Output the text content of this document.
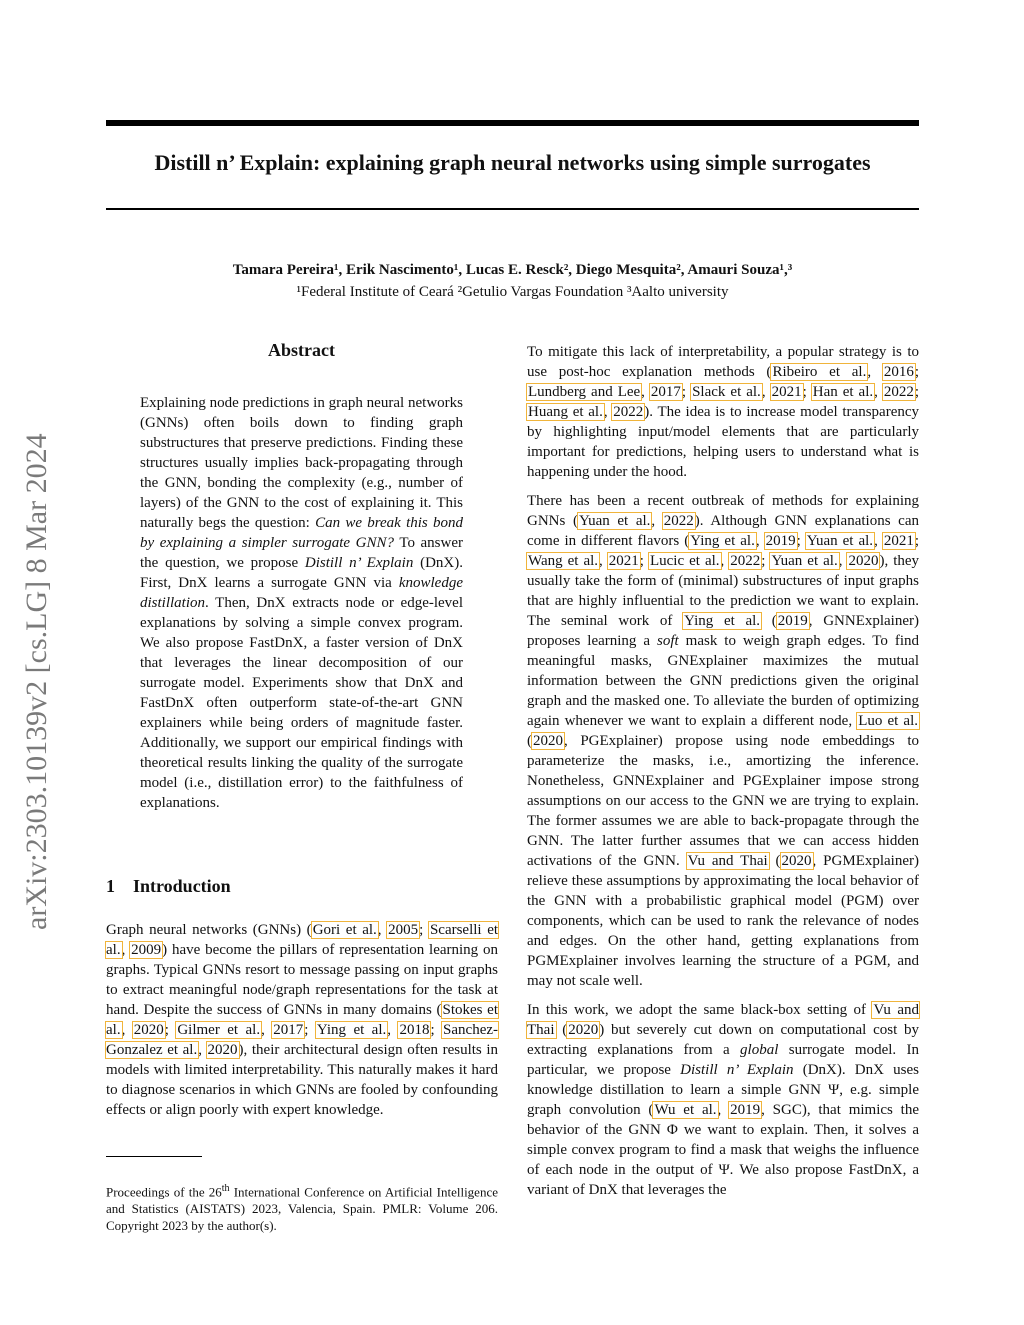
Distill n’ Explain: explaining graph neural networks using simple surrogates
Tamara Pereira¹, Erik Nascimento¹, Lucas E. Resck², Diego Mesquita², Amauri Souza¹,³
¹Federal Institute of Ceará ²Getulio Vargas Foundation ³Aalto university
arXiv:2303.10139v2 [cs.LG] 8 Mar 2024
Abstract
Explaining node predictions in graph neural networks (GNNs) often boils down to finding graph substructures that preserve predictions. Finding these structures usually implies back-propagating through the GNN, bonding the complexity (e.g., number of layers) of the GNN to the cost of explaining it. This naturally begs the question: Can we break this bond by explaining a simpler surrogate GNN? To answer the question, we propose Distill n’ Explain (DnX). First, DnX learns a surrogate GNN via knowledge distillation. Then, DnX extracts node or edge-level explanations by solving a simple convex program. We also propose FastDnX, a faster version of DnX that leverages the linear decomposition of our surrogate model. Experiments show that DnX and FastDnX often outperform state-of-the-art GNN explainers while being orders of magnitude faster. Additionally, we support our empirical findings with theoretical results linking the quality of the surrogate model (i.e., distillation error) to the faithfulness of explanations.
1 Introduction
Graph neural networks (GNNs) (Gori et al., 2005; Scarselli et al., 2009) have become the pillars of representation learning on graphs. Typical GNNs resort to message passing on input graphs to extract meaningful node/graph representations for the task at hand. Despite the success of GNNs in many domains (Stokes et al., 2020; Gilmer et al., 2017; Ying et al., 2018; Sanchez-Gonzalez et al., 2020), their architectural design often results in models with limited interpretability. This naturally makes it hard to diagnose scenarios in which GNNs are fooled by confounding effects or align poorly with expert knowledge.
Proceedings of the 26th International Conference on Artificial Intelligence and Statistics (AISTATS) 2023, Valencia, Spain. PMLR: Volume 206. Copyright 2023 by the author(s).

To mitigate this lack of interpretability, a popular strategy is to use post-hoc explanation methods (Ribeiro et al., 2016; Lundberg and Lee, 2017; Slack et al., 2021; Han et al., 2022; Huang et al., 2022). The idea is to increase model transparency by highlighting input/model elements that are particularly important for predictions, helping users to understand what is happening under the hood.

There has been a recent outbreak of methods for explaining GNNs (Yuan et al., 2022). Although GNN explanations can come in different flavors (Ying et al., 2019; Yuan et al., 2021; Wang et al., 2021; Lucic et al., 2022; Yuan et al., 2020), they usually take the form of (minimal) substructures of input graphs that are highly influential to the prediction we want to explain. The seminal work of Ying et al. (2019, GNNExplainer) proposes learning a soft mask to weigh graph edges. To find meaningful masks, GNExplainer maximizes the mutual information between the GNN predictions given the original graph and the masked one. To alleviate the burden of optimizing again whenever we want to explain a different node, Luo et al. (2020, PGExplainer) propose using node embeddings to parameterize the masks, i.e., amortizing the inference. Nonetheless, GNNExplainer and PGExplainer impose strong assumptions on our access to the GNN we are trying to explain. The former assumes we are able to back-propagate through the GNN. The latter further assumes that we can access hidden activations of the GNN. Vu and Thai (2020, PGMExplainer) relieve these assumptions by approximating the local behavior of the GNN with a probabilistic graphical model (PGM) over components, which can be used to rank the relevance of nodes and edges. On the other hand, getting explanations from PGMExplainer involves learning the structure of a PGM, and may not scale well.

In this work, we adopt the same black-box setting of Vu and Thai (2020) but severely cut down on computational cost by extracting explanations from a global surrogate model. In particular, we propose Distill n’ Explain (DnX). DnX uses knowledge distillation to learn a simple GNN Ψ, e.g. simple graph convolution (Wu et al., 2019, SGC), that mimics the behavior of the GNN Φ we want to explain. Then, it solves a simple convex program to find a mask that weighs the influence of each node in the output of Ψ. We also propose FastDnX, a variant of DnX that leverages the
